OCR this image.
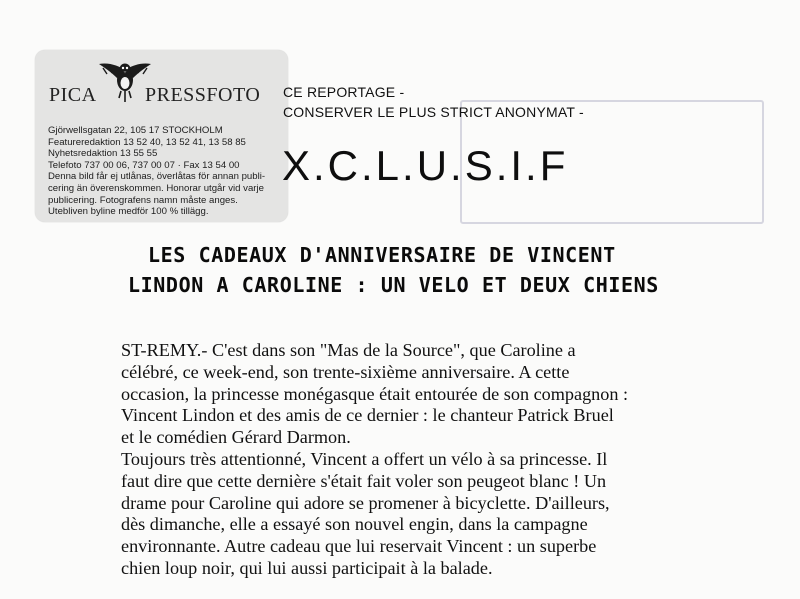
PICA PRESSFOTO
Gjörwellsgatan 22, 105 17 STOCKHOLM
Featureredaktion 13 52 40, 13 52 41, 13 58 85
Nyhetsredaktion 13 55 55
Telefoto 737 00 06, 737 00 07 · Fax 13 54 00
Denna bild får ej utlånas, överlåtas för annan publi-
cering än överenskommen. Honorar utgår vid varje
publicering. Fotografens namn måste anges.
Utebliven byline medför 100 % tillägg.
CE REPORTAGE -
CONSERVER LE PLUS STRICT ANONYMAT -
X.C.L.U.S.I.F
LES CADEAUX D'ANNIVERSAIRE DE VINCENT
LINDON A CAROLINE : UN VELO ET DEUX CHIENS
ST-REMY.- C'est dans son "Mas de la Source", que Caroline a
célébré, ce week-end, son trente-sixième anniversaire. A cette
occasion, la princesse monégasque était entourée de son compagnon :
Vincent Lindon et des amis de ce dernier : le chanteur Patrick Bruel
et le comédien Gérard Darmon.
Toujours très attentionné, Vincent a offert un vélo à sa princesse. Il
faut dire que cette dernière s'était fait voler son peugeot blanc ! Un
drame pour Caroline qui adore se promener à bicyclette. D'ailleurs,
dès dimanche, elle a essayé son nouvel engin, dans la campagne
environnante. Autre cadeau que lui reservait Vincent : un superbe
chien loup noir, qui lui aussi participait à la balade.
